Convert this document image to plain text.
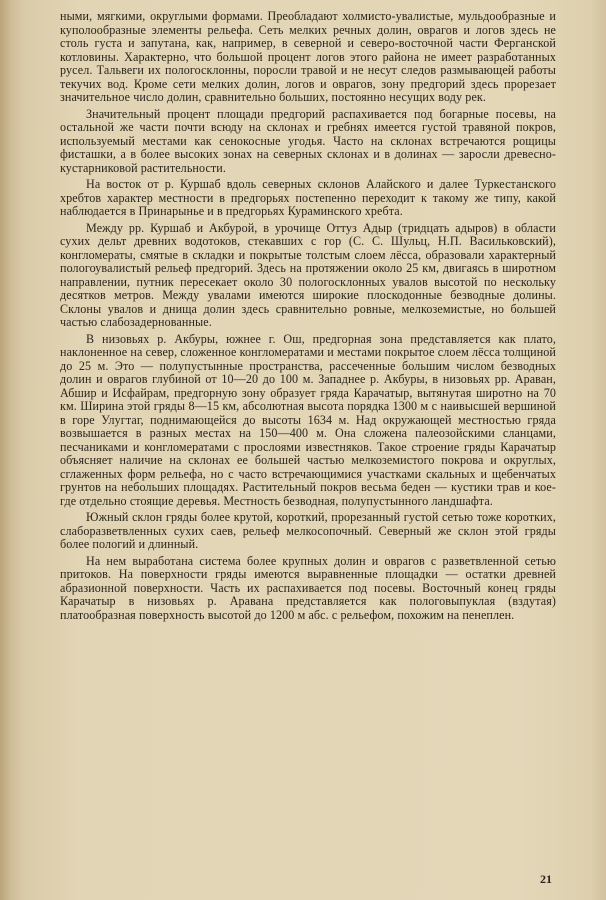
ными, мягкими, округлыми формами. Преобладают холмисто-увалистые, мульдообразные и куполообразные элементы рельефа. Сеть мелких речных долин, оврагов и логов здесь не столь густа и запутана, как, например, в северной и северо-восточной части Ферганской котловины. Характерно, что большой процент логов этого района не имеет разработанных русел. Тальвеги их пологосклонны, поросли травой и не несут следов размывающей работы текучих вод. Кроме сети мелких долин, логов и оврагов, зону предгорий здесь прорезает значительное число долин, сравнительно больших, постоянно несущих воду рек.

Значительный процент площади предгорий распахивается под богарные посевы, на остальной же части почти всюду на склонах и гребнях имеется густой травяной покров, используемый местами как сенокосные угодья. Часто на склонах встречаются рощицы фисташки, а в более высоких зонах на северных склонах и в долинах — заросли древесно-кустарниковой растительности.

На восток от р. Куршаб вдоль северных склонов Алайского и далее Туркестанского хребтов характер местности в предгорьях постепенно переходит к такому же типу, какой наблюдается в Принарынье и в предгорьях Кураминского хребта.

Между рр. Куршаб и Акбурой, в урочище Оттуз Адыр (тридцать адыров) в области сухих дельт древних водотоков, стекавших с гор (С. С. Шульц, Н.П. Васильковский), конгломераты, смятые в складки и покрытые толстым слоем лёсса, образовали характерный пологоувалистый рельеф предгорий. Здесь на протяжении около 25 км, двигаясь в широтном направлении, путник пересекает около 30 пологосклонных увалов высотой по нескольку десятков метров. Между увалами имеются широкие плоскодонные безводные долины. Склоны увалов и днища долин здесь сравнительно ровные, мелкоземистые, но большей частью слабозадернованные.

В низовьях р. Акбуры, южнее г. Ош, предгорная зона представляется как плато, наклоненное на север, сложенное конгломератами и местами покрытое слоем лёсса толщиной до 25 м. Это — полупустынные пространства, рассеченные большим числом безводных долин и оврагов глубиной от 10—20 до 100 м. Западнее р. Акбуры, в низовьях рр. Араван, Абшир и Исфайрам, предгорную зону образует гряда Карачатыр, вытянутая широтно на 70 км. Ширина этой гряды 8—15 км, абсолютная высота порядка 1300 м с наивысшей вершиной в горе Улугтаг, поднимающейся до высоты 1634 м. Над окружающей местностью гряда возвышается в разных местах на 150—400 м. Она сложена палеозойскими сланцами, песчаниками и конгломератами с прослоями известняков. Такое строение гряды Карачатыр объясняет наличие на склонах ее большей частью мелкоземистого покрова и округлых, сглаженных форм рельефа, но с часто встречающимися участками скальных и щебенчатых грунтов на небольших площадях. Растительный покров весьма беден — кустики трав и кое-где отдельно стоящие деревья. Местность безводная, полупустынного ландшафта.

Южный склон гряды более крутой, короткий, прорезанный густой сетью тоже коротких, слаборазветвленных сухих саев, рельеф мелкосопочный. Северный же склон этой гряды более пологий и длинный.

На нем выработана система более крупных долин и оврагов с разветвленной сетью притоков. На поверхности гряды имеются выравненные площадки — остатки древней абразионной поверхности. Часть их распахивается под посевы. Восточный конец гряды Карачатыр в низовьях р. Аравана представляется как пологовыпуклая (вздутая) платообразная поверхность высотой до 1200 м абс. с рельефом, похожим на пенеплен.

21
